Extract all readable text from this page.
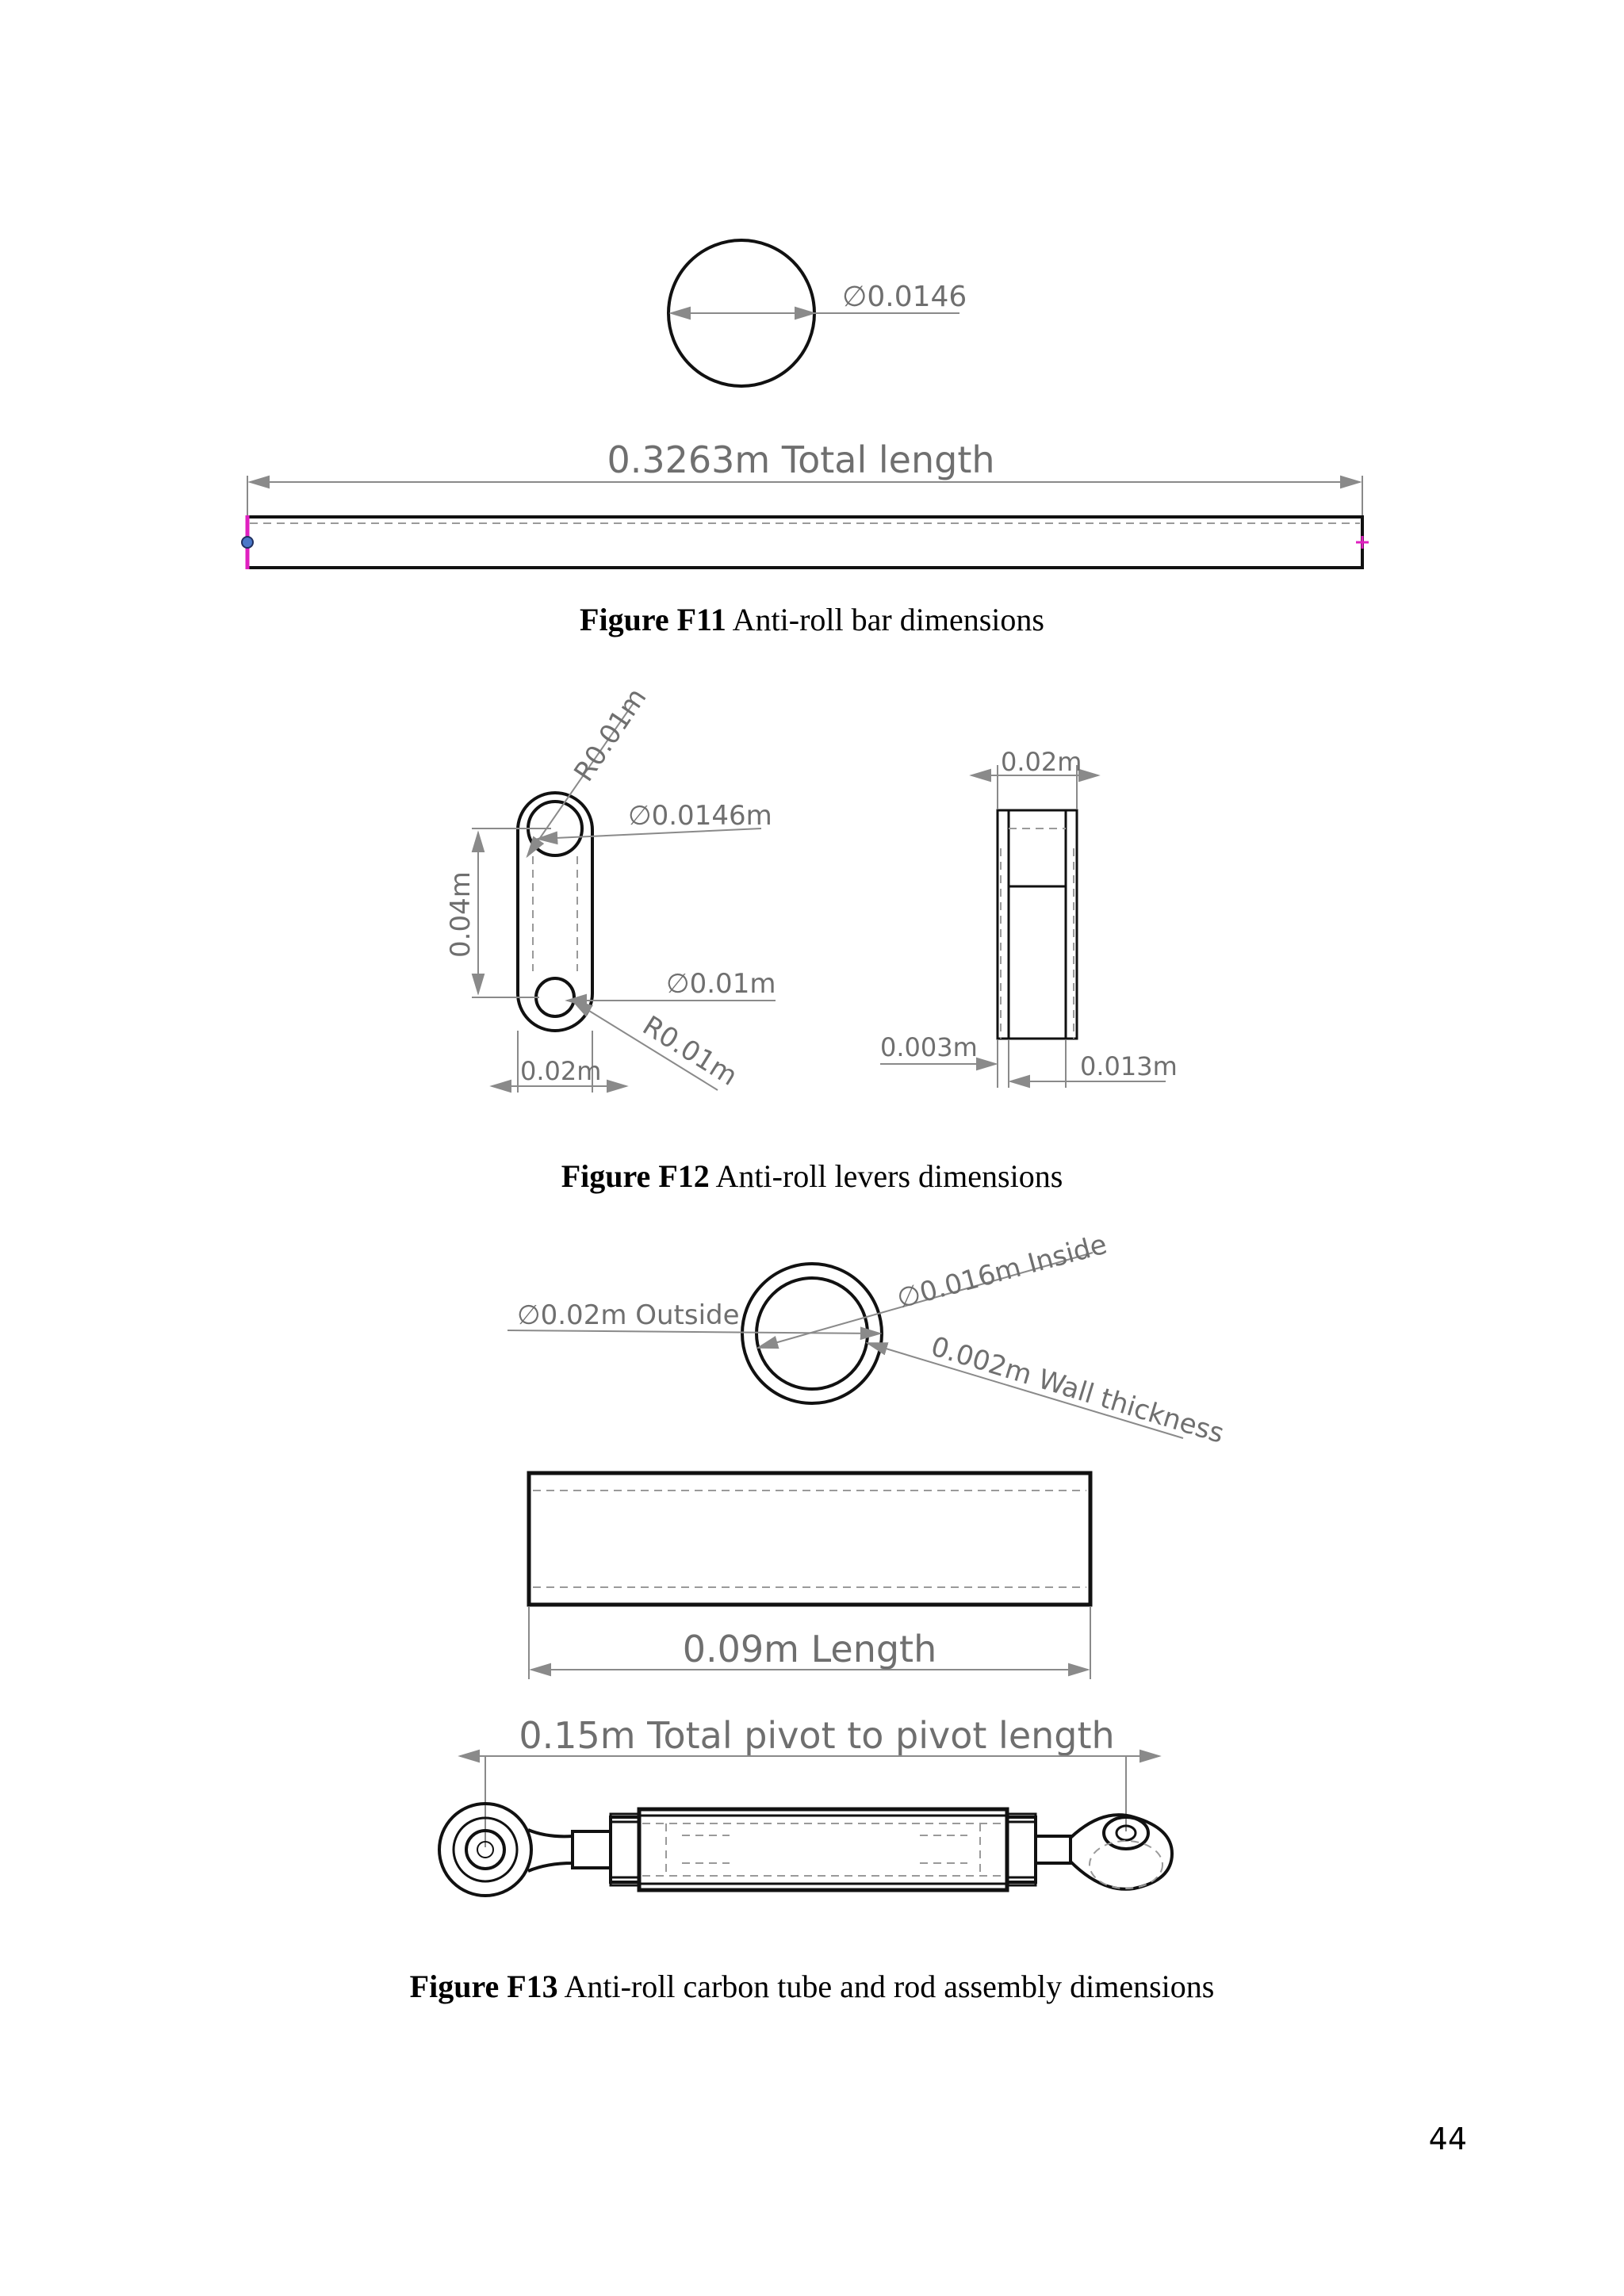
∅0.0146
0.3263m Total length
R0.01m
∅0.0146m
0.04m
∅0.01m
R0.01m
0.02m
0.02m
0.003m
0.013m
∅0.02m Outside
∅0.016m Inside
0.002m Wall thickness
0.09m Length
0.15m Total pivot to pivot length
Figure F11 Anti-roll bar dimensions
Figure F12 Anti-roll levers dimensions
Figure F13 Anti-roll carbon tube and rod assembly dimensions
44
